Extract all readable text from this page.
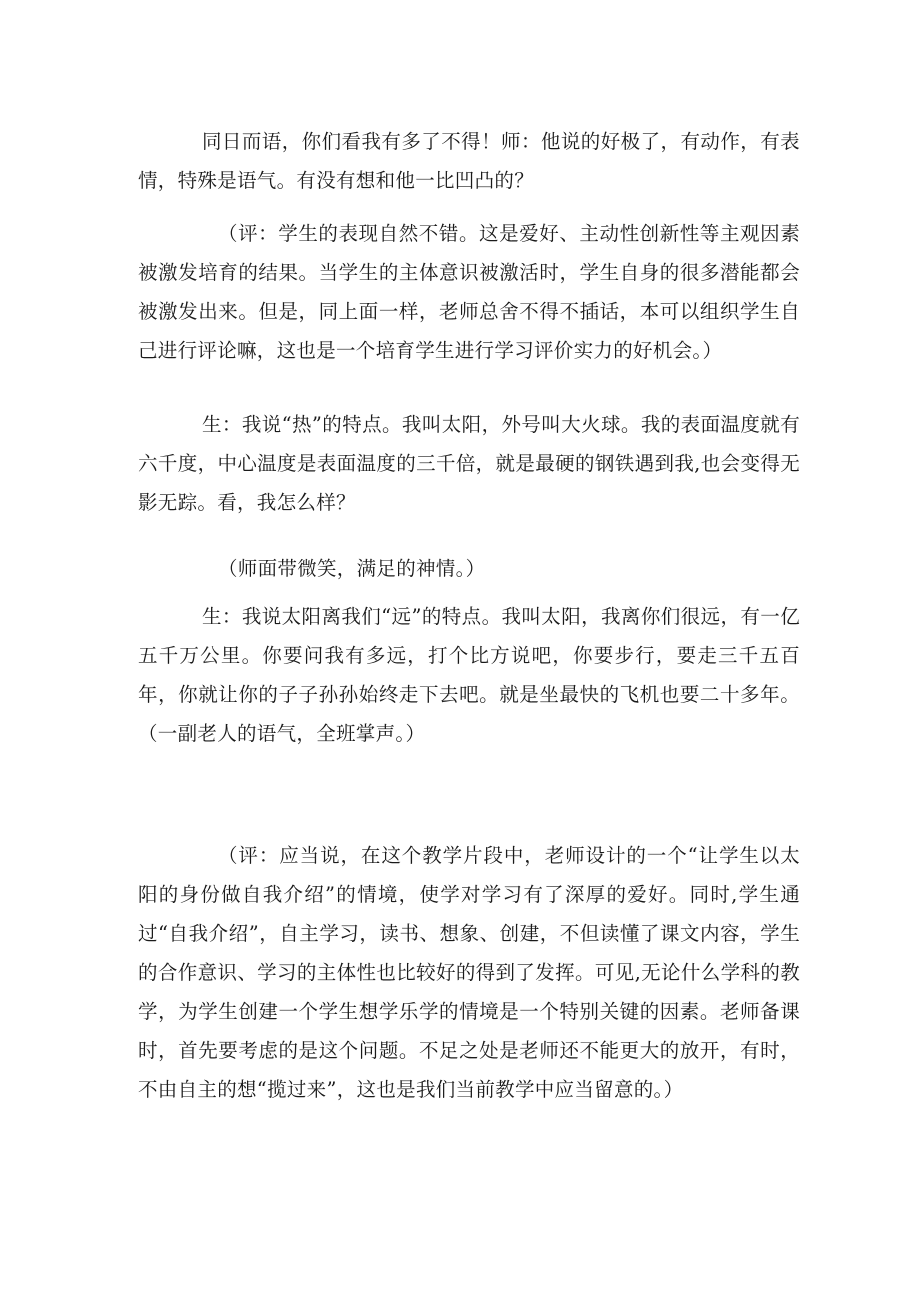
同日而语，你们看我有多了不得！师：他说的好极了，有动作，有表情，特殊是语气。有没有想和他一比凹凸的？

（评：学生的表现自然不错。这是爱好、主动性创新性等主观因素被激发培育的结果。当学生的主体意识被激活时，学生自身的很多潜能都会被激发出来。但是，同上面一样，老师总舍不得不插话，本可以组织学生自己进行评论嘛，这也是一个培育学生进行学习评价实力的好机会。）

生：我说“热”的特点。我叫太阳，外号叫大火球。我的表面温度就有六千度，中心温度是表面温度的三千倍，就是最硬的钢铁遇到我,也会变得无影无踪。看，我怎么样？

（师面带微笑，满足的神情。）

生：我说太阳离我们“远”的特点。我叫太阳，我离你们很远，有一亿五千万公里。你要问我有多远，打个比方说吧，你要步行，要走三千五百年，你就让你的子子孙孙始终走下去吧。就是坐最快的飞机也要二十多年。（一副老人的语气，全班掌声。）

（评：应当说，在这个教学片段中，老师设计的一个“让学生以太阳的身份做自我介绍”的情境，使学对学习有了深厚的爱好。同时,学生通过“自我介绍”，自主学习，读书、想象、创建，不但读懂了课文内容，学生的合作意识、学习的主体性也比较好的得到了发挥。可见,无论什么学科的教学，为学生创建一个学生想学乐学的情境是一个特别关键的因素。老师备课时，首先要考虑的是这个问题。不足之处是老师还不能更大的放开，有时，不由自主的想“揽过来”，这也是我们当前教学中应当留意的。）
